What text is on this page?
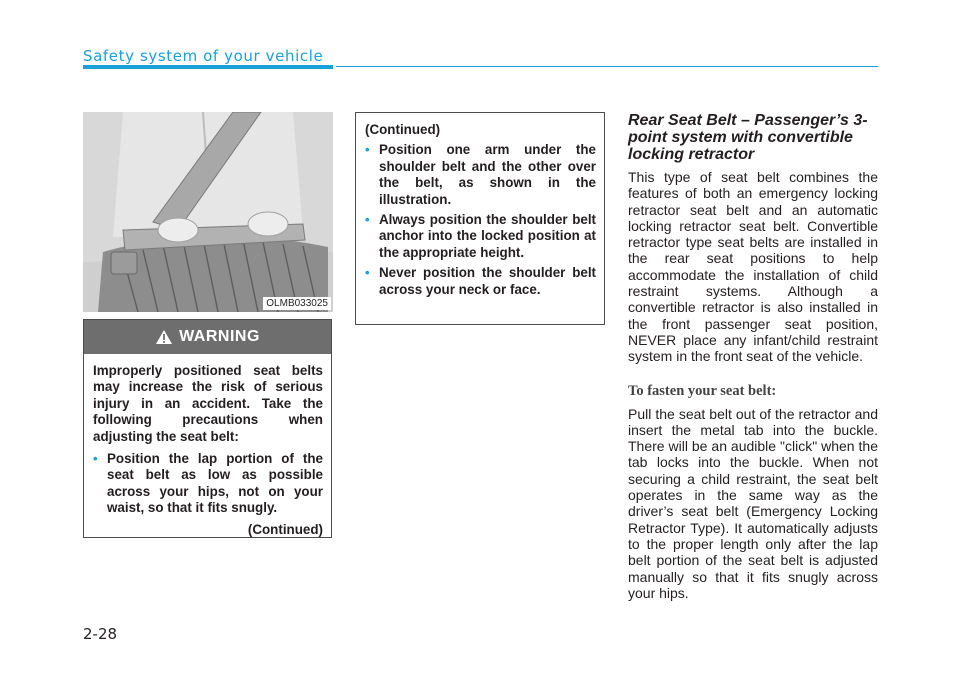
Safety system of your vehicle
OLMB033025
WARNING

Improperly positioned seat belts may increase the risk of serious injury in an accident. Take the following precautions when adjusting the seat belt:

• Position the lap portion of the seat belt as low as possible across your hips, not on your waist, so that it fits snugly.
(Continued)

(Continued)

• Position one arm under the shoulder belt and the other over the belt, as shown in the illustration.
• Always position the shoulder belt anchor into the locked position at the appropriate height.
• Never position the shoulder belt across your neck or face.
Rear Seat Belt – Passenger’s 3-point system with convertible locking retractor

This type of seat belt combines the features of both an emergency locking retractor seat belt and an automatic locking retractor seat belt. Convertible retractor type seat belts are installed in the rear seat positions to help accommodate the installation of child restraint systems. Although a convertible retractor is also installed in the front passenger seat position, NEVER place any infant/child restraint system in the front seat of the vehicle.

To fasten your seat belt:

Pull the seat belt out of the retractor and insert the metal tab into the buckle. There will be an audible "click" when the tab locks into the buckle. When not securing a child restraint, the seat belt operates in the same way as the driver’s seat belt (Emergency Locking Retractor Type). It automatically adjusts to the proper length only after the lap belt portion of the seat belt is adjusted manually so that it fits snugly across your hips.

2-28
